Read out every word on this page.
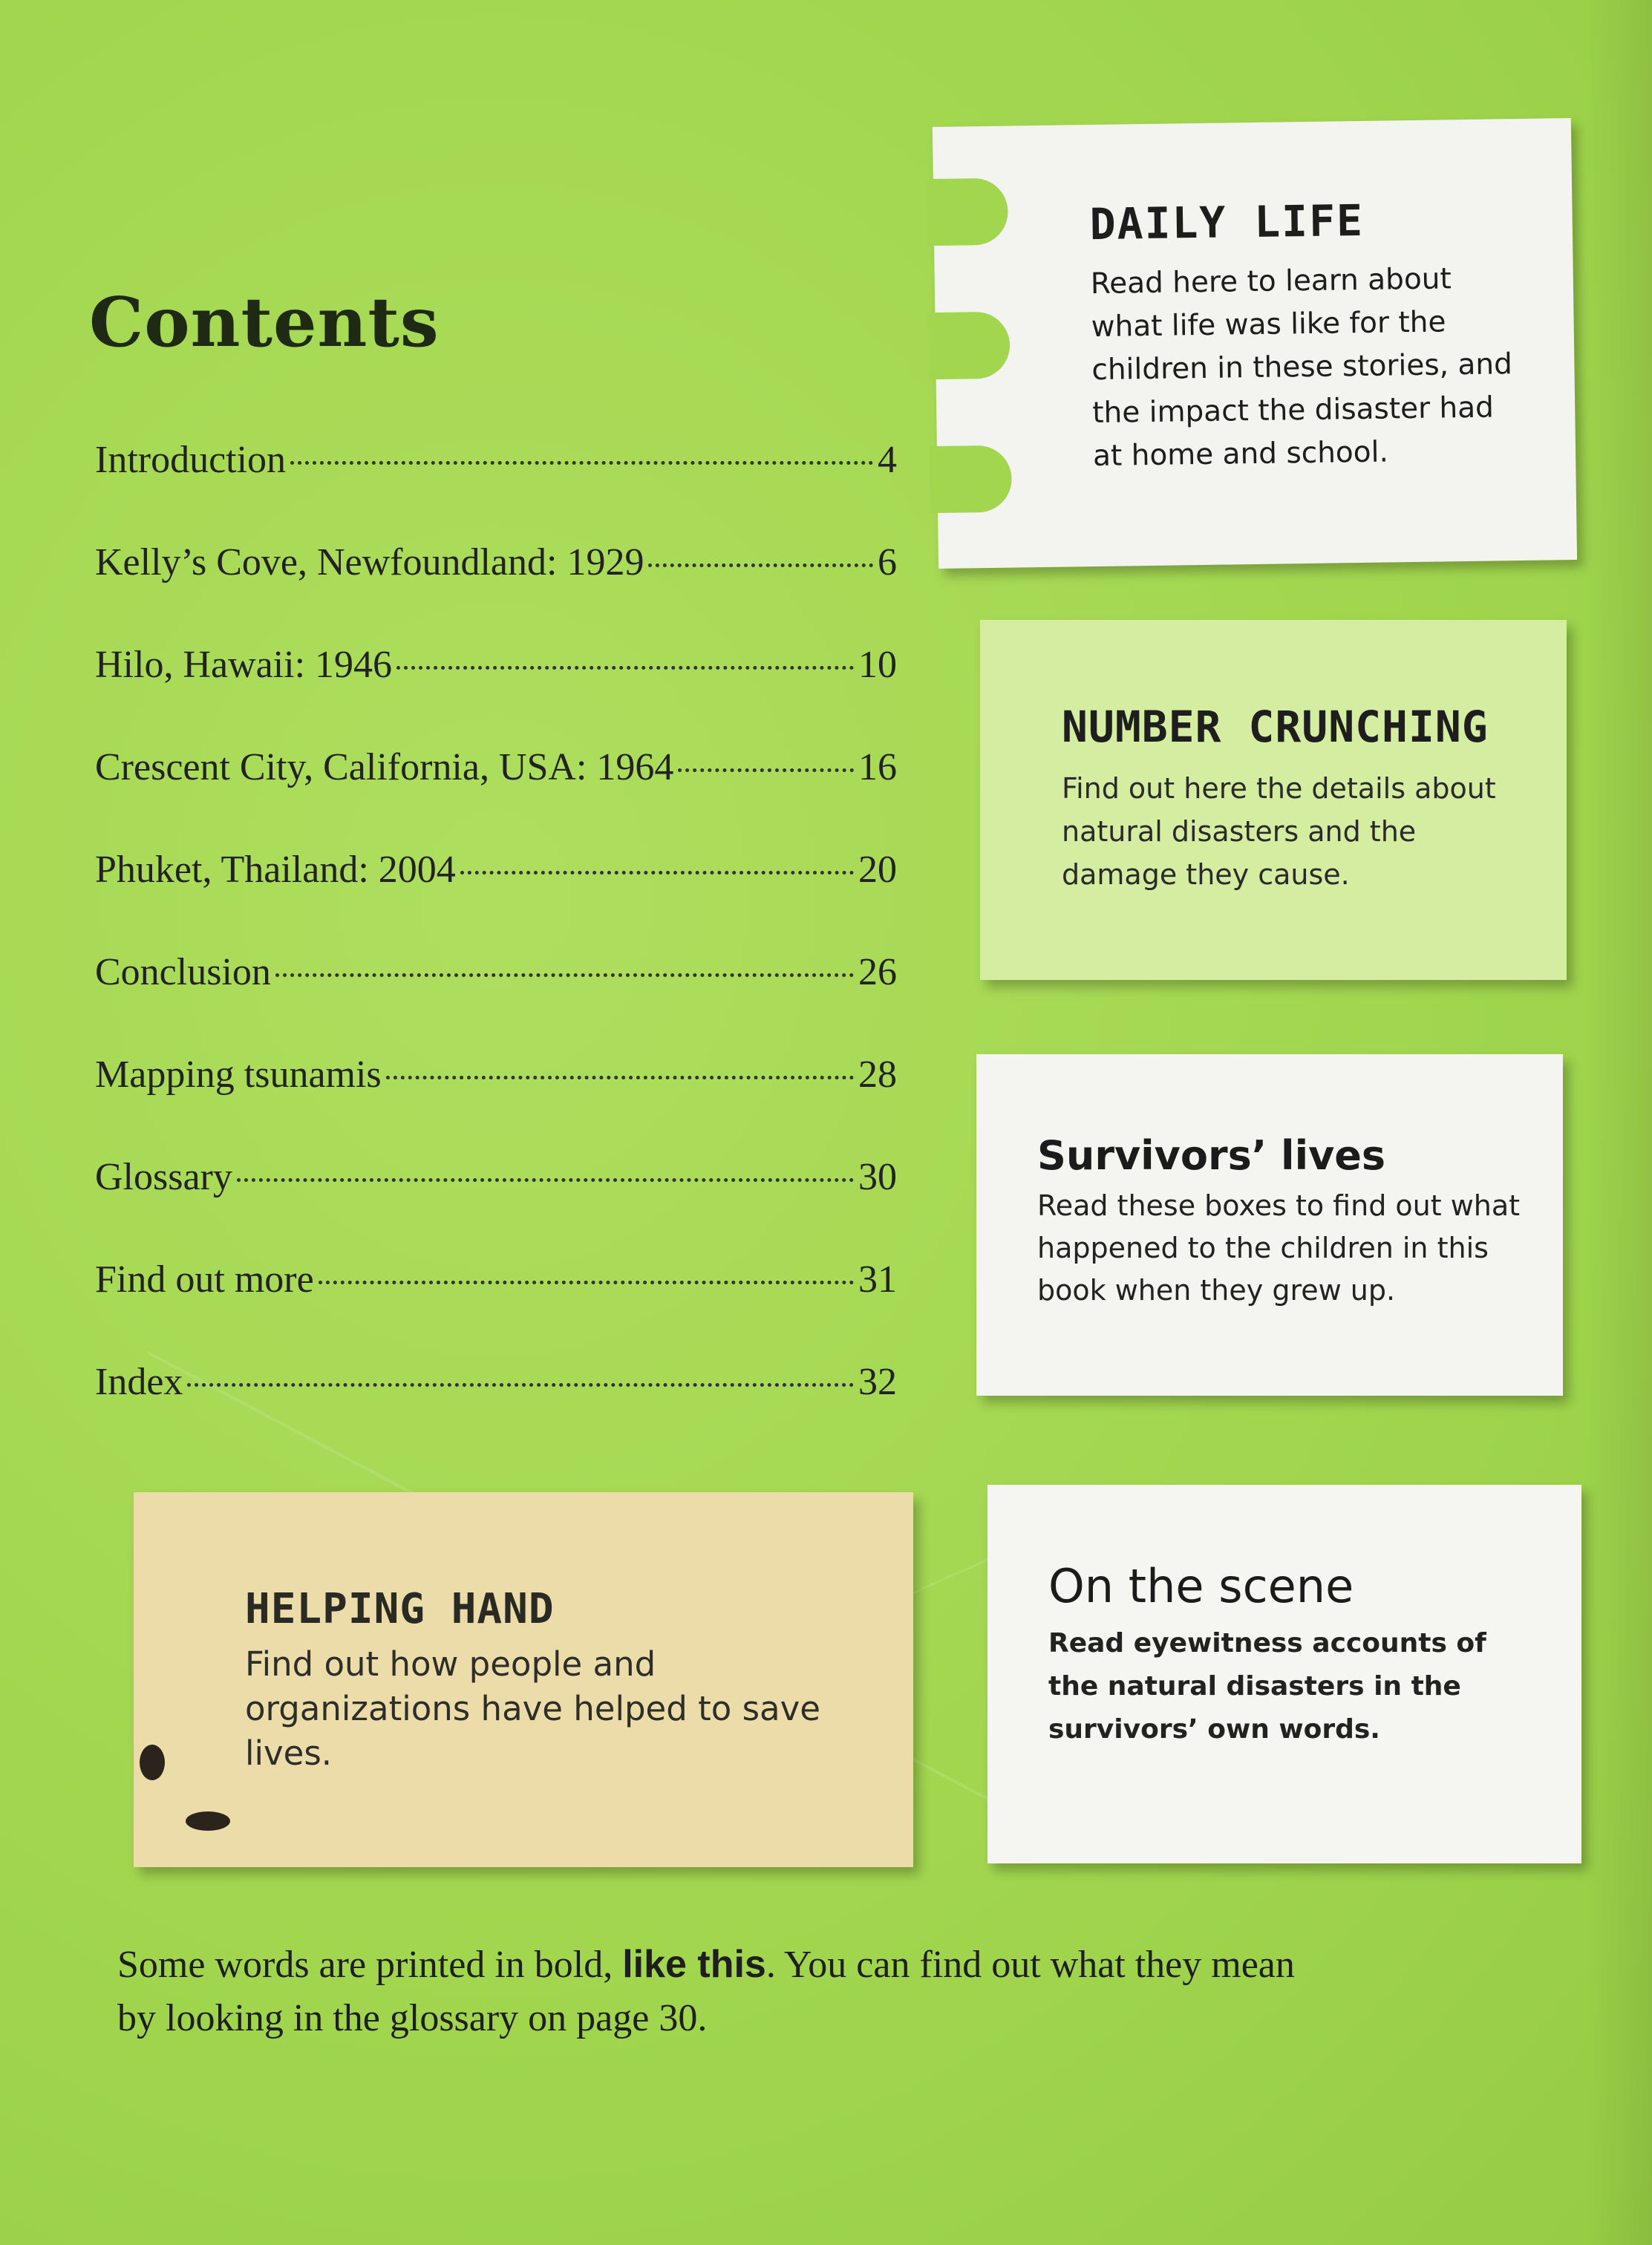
Contents
Introduction	4
Kelly’s Cove, Newfoundland: 1929	6
Hilo, Hawaii: 1946	10
Crescent City, California, USA: 1964	16
Phuket, Thailand: 2004	20
Conclusion	26
Mapping tsunamis	28
Glossary	30
Find out more	31
Index	32
DAILY LIFE

Read here to learn about what life was like for the children in these stories, and the impact the disaster had at home and school.

NUMBER CRUNCHING

Find out here the details about natural disasters and the damage they cause.

Survivors’ lives

Read these boxes to find out what happened to the children in this book when they grew up.

On the scene

Read eyewitness accounts of the natural disasters in the survivors’ own words.

HELPING HAND

Find out how people and organizations have helped to save lives.

Some words are printed in bold, like this. You can find out what they mean by looking in the glossary on page 30.
